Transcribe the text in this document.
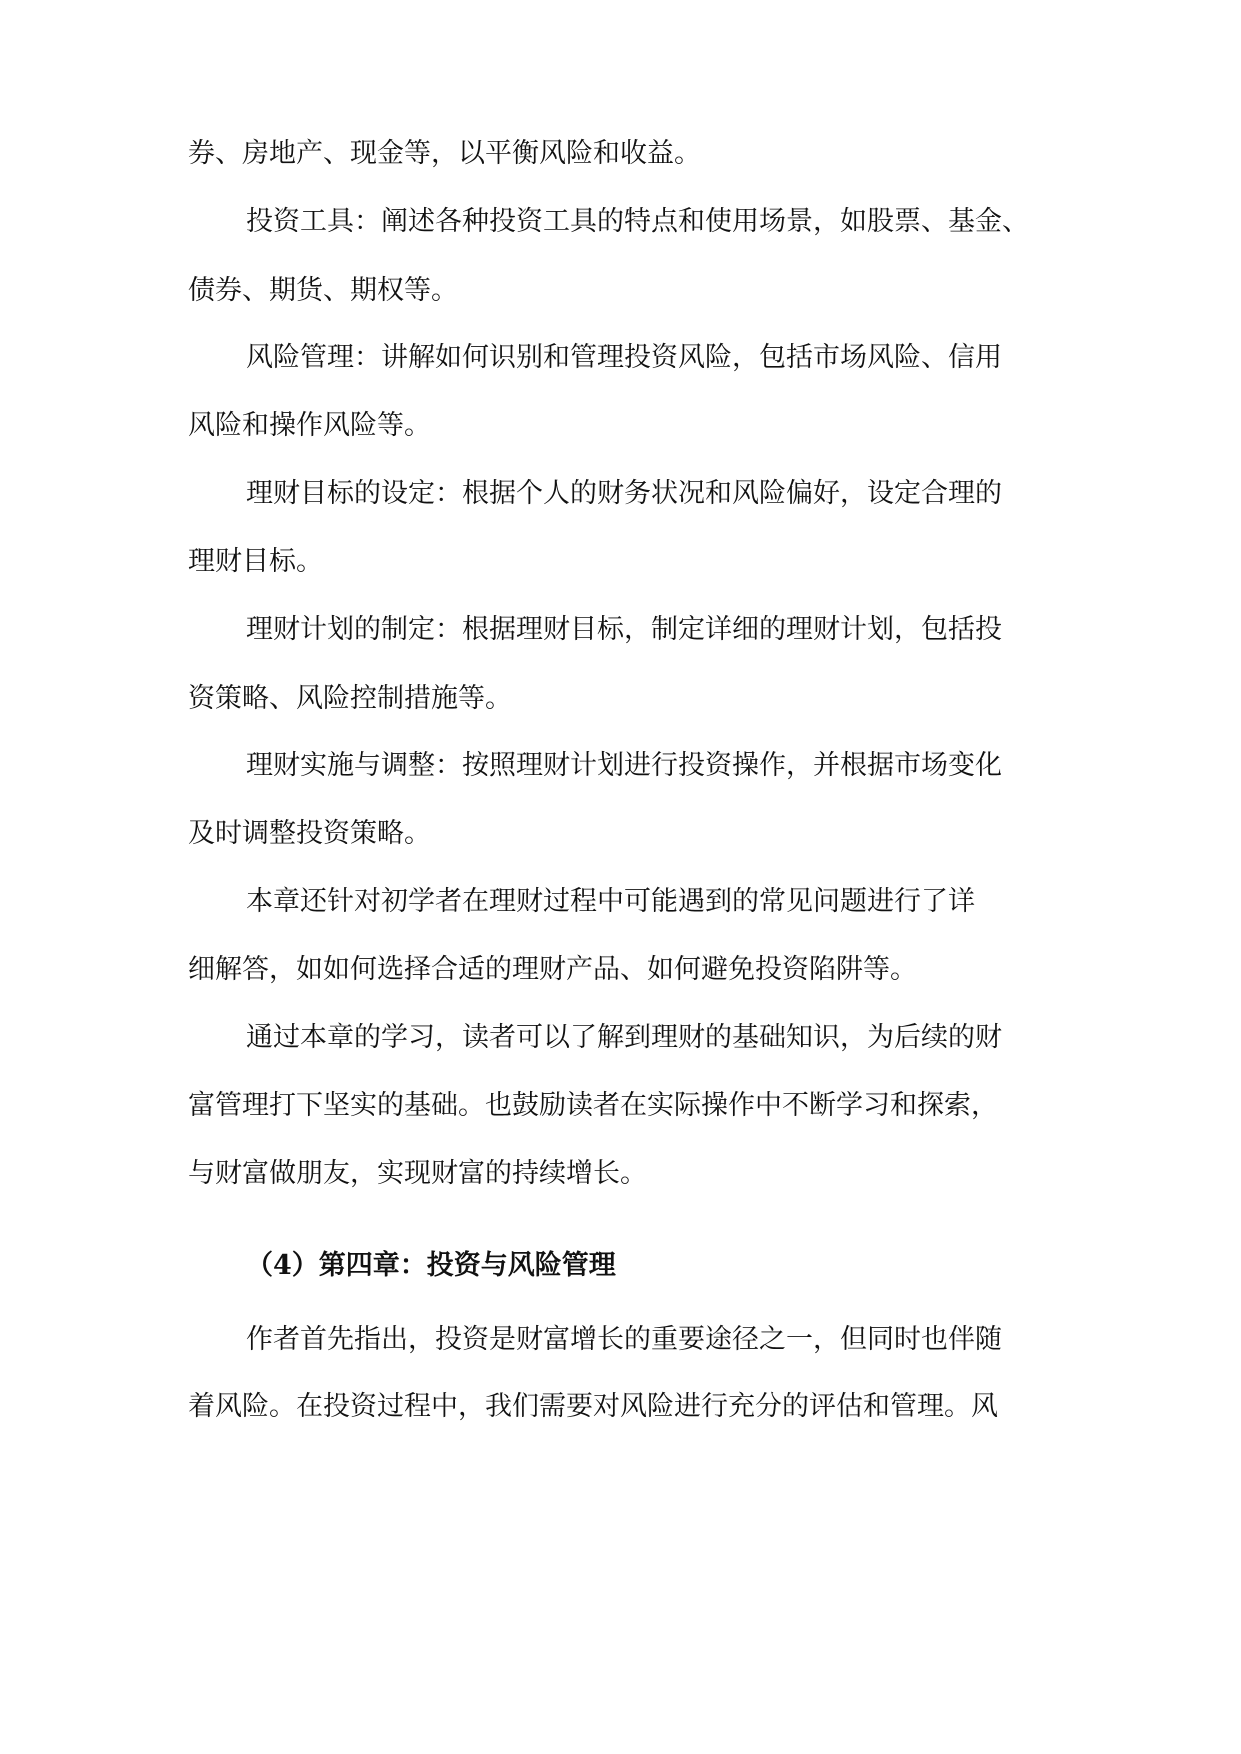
券、房地产、现金等，以平衡风险和收益。

投资工具：阐述各种投资工具的特点和使用场景，如股票、基金、

债券、期货、期权等。

风险管理：讲解如何识别和管理投资风险，包括市场风险、信用

风险和操作风险等。

理财目标的设定：根据个人的财务状况和风险偏好，设定合理的

理财目标。

理财计划的制定：根据理财目标，制定详细的理财计划，包括投

资策略、风险控制措施等。

理财实施与调整：按照理财计划进行投资操作，并根据市场变化

及时调整投资策略。

本章还针对初学者在理财过程中可能遇到的常见问题进行了详

细解答，如如何选择合适的理财产品、如何避免投资陷阱等。

通过本章的学习，读者可以了解到理财的基础知识，为后续的财

富管理打下坚实的基础。也鼓励读者在实际操作中不断学习和探索，

与财富做朋友，实现财富的持续增长。

（4）第四章：投资与风险管理

作者首先指出，投资是财富增长的重要途径之一，但同时也伴随

着风险。在投资过程中，我们需要对风险进行充分的评估和管理。风
